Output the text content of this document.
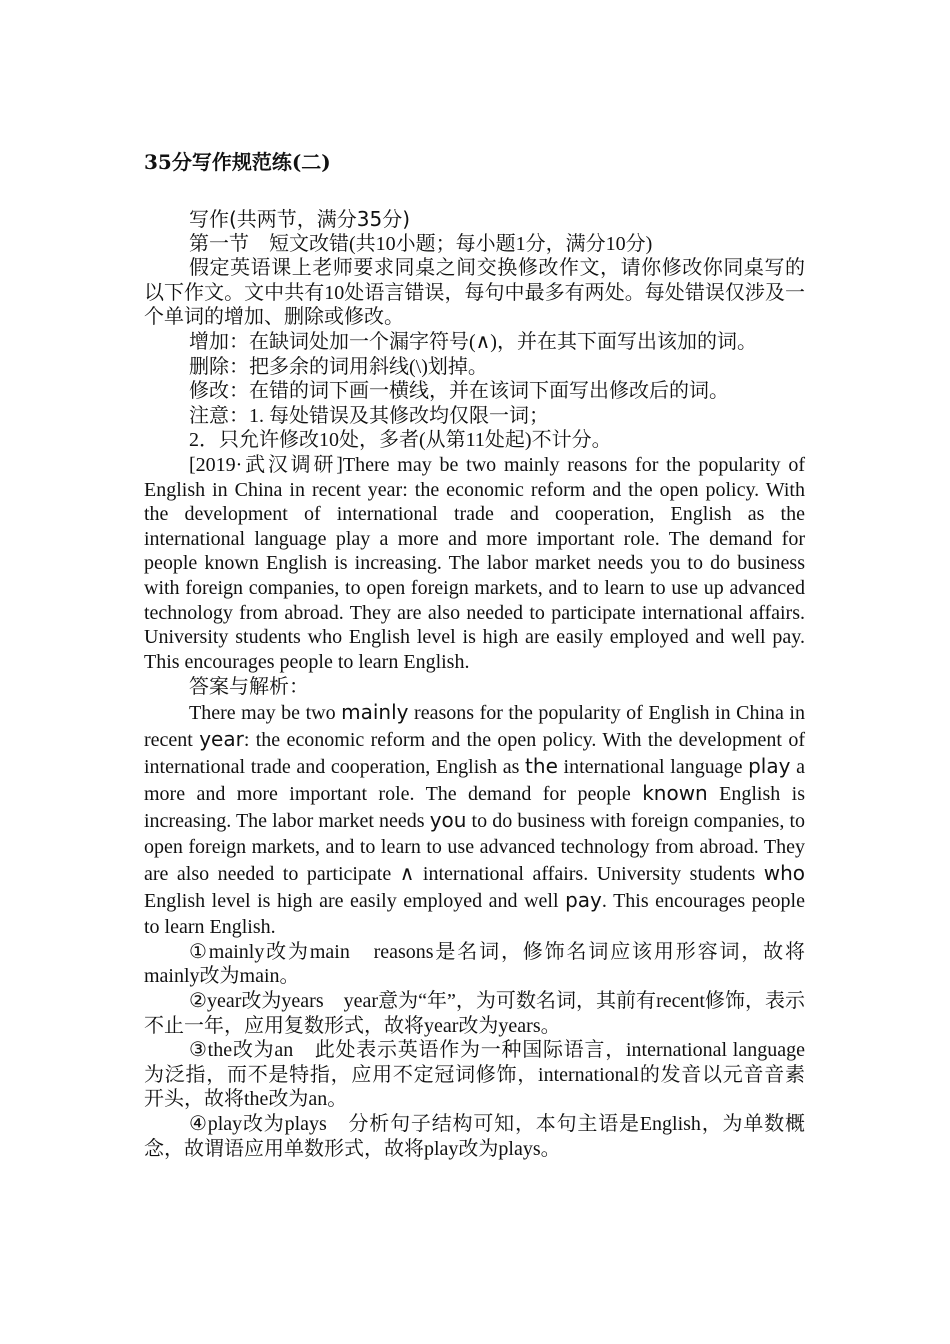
35分写作规范练(二)

写作(共两节，满分35分)

第一节　短文改错(共10小题；每小题1分，满分10分)

假定英语课上老师要求同桌之间交换修改作文，请你修改你同桌写的以下作文。文中共有10处语言错误，每句中最多有两处。每处错误仅涉及一个单词的增加、删除或修改。

增加：在缺词处加一个漏字符号(∧)，并在其下面写出该加的词。

删除：把多余的词用斜线(\)划掉。

修改：在错的词下画一横线，并在该词下面写出修改后的词。

注意：1. 每处错误及其修改均仅限一词；

2．只允许修改10处，多者(从第11处起)不计分。

[2019·武汉调研]There may be two mainly reasons for the popularity of English in China in recent year: the economic reform and the open policy. With the development of international trade and cooperation, English as the international language play a more and more important role. The demand for people known English is increasing. The labor market needs you to do business with foreign companies, to open foreign markets, and to learn to use up advanced technology from abroad. They are also needed to participate international affairs. University students who English level is high are easily employed and well pay. This encourages people to learn English.

答案与解析：

There may be two mainly reasons for the popularity of English in China in recent year: the economic reform and the open policy. With the development of international trade and cooperation, English as the international language play a more and more important role. The demand for people known English is increasing. The labor market needs you to do business with foreign companies, to open foreign markets, and to learn to use advanced technology from abroad. They are also needed to participate ∧ international affairs. University students who English level is high are easily employed and well pay. This encourages people to learn English.

①mainly改为main　reasons是名词，修饰名词应该用形容词，故将mainly改为main。

②year改为years　year意为“年”，为可数名词，其前有recent修饰，表示不止一年，应用复数形式，故将year改为years。

③the改为an　此处表示英语作为一种国际语言，international language为泛指，而不是特指，应用不定冠词修饰，international的发音以元音音素开头，故将the改为an。

④play改为plays　分析句子结构可知，本句主语是English，为单数概念，故谓语应用单数形式，故将play改为plays。
